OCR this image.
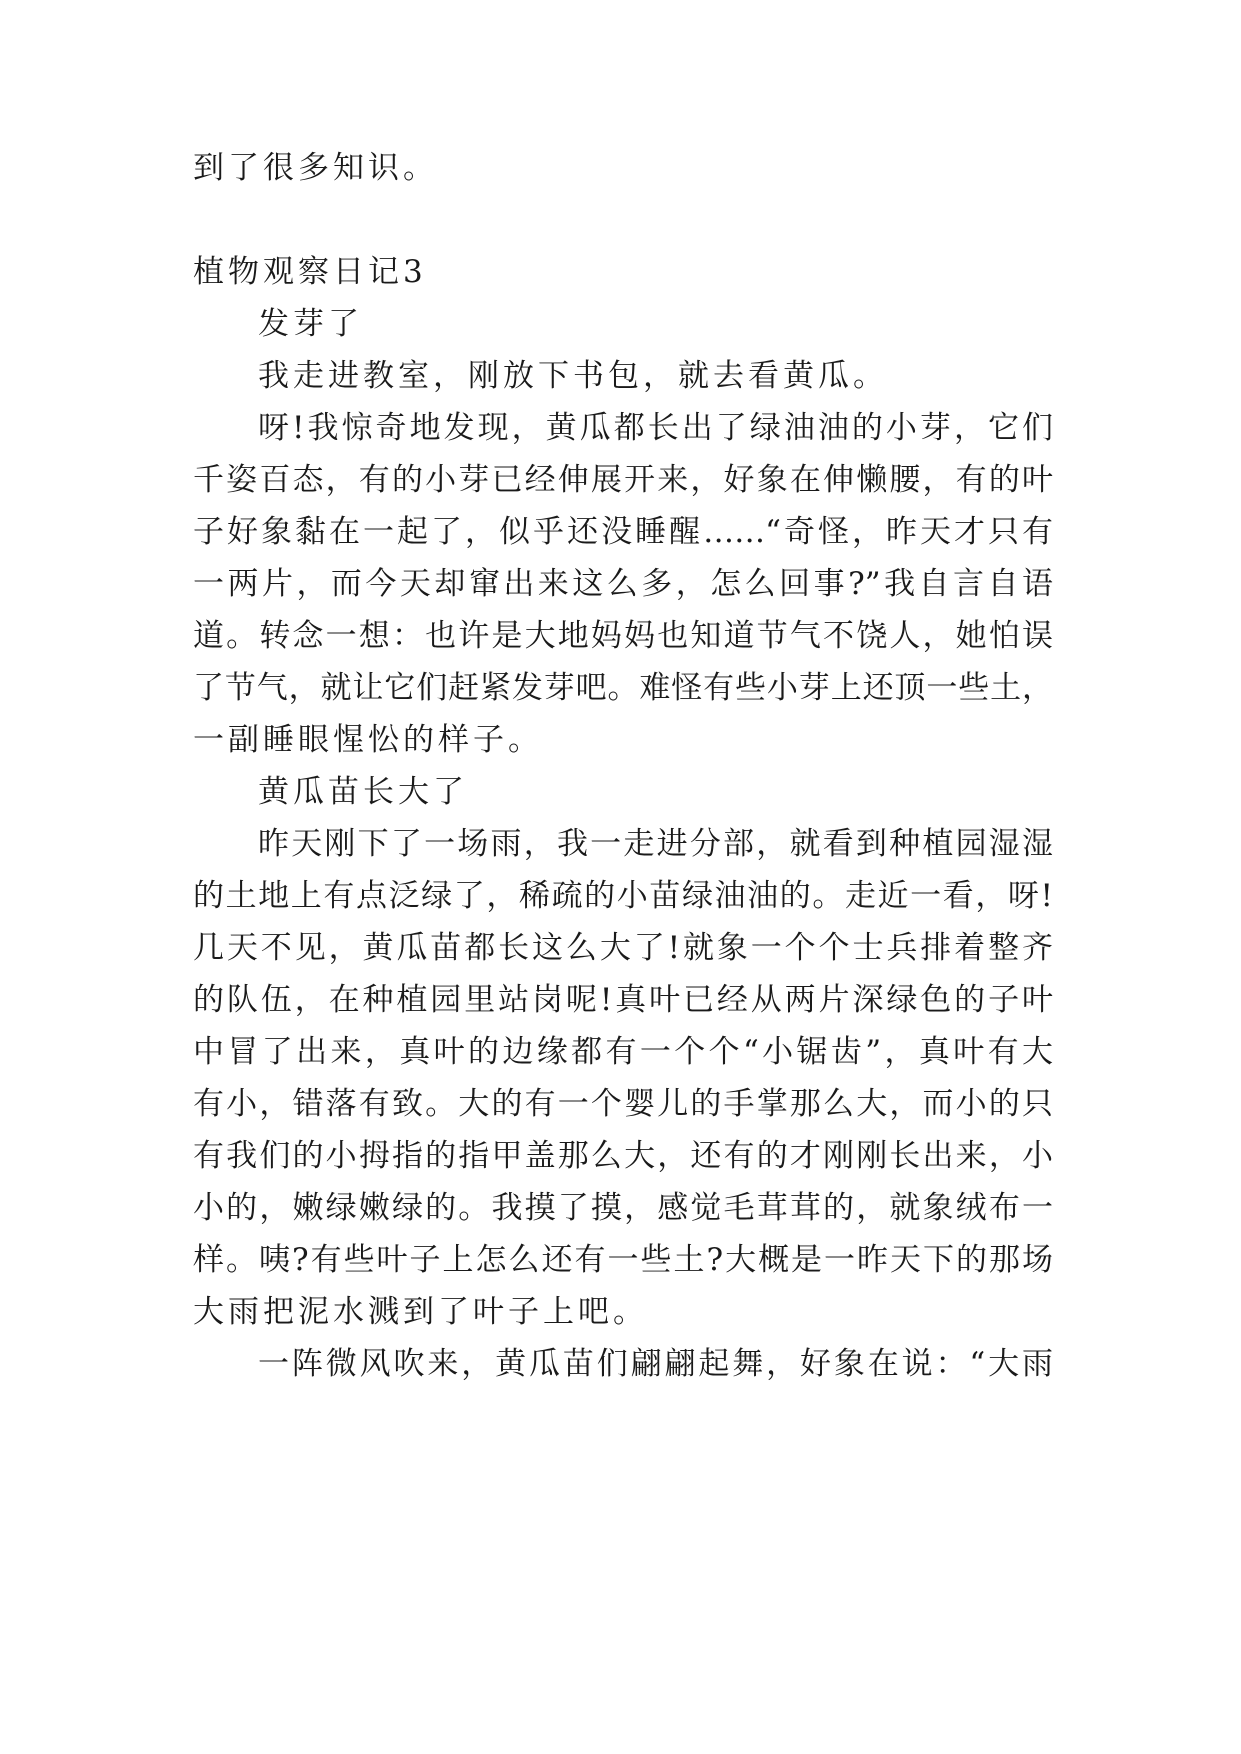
到了很多知识。
植物观察日记3
发芽了
我走进教室，刚放下书包，就去看黄瓜。
呀!我惊奇地发现，黄瓜都长出了绿油油的小芽，它们
千姿百态，有的小芽已经伸展开来，好象在伸懒腰，有的叶
子好象黏在一起了，似乎还没睡醒……“奇怪，昨天才只有
一两片，而今天却窜出来这么多，怎么回事?”我自言自语
道。转念一想：也许是大地妈妈也知道节气不饶人，她怕误
了节气，就让它们赶紧发芽吧。难怪有些小芽上还顶一些土，
一副睡眼惺忪的样子。
黄瓜苗长大了
昨天刚下了一场雨，我一走进分部，就看到种植园湿湿
的土地上有点泛绿了，稀疏的小苗绿油油的。走近一看，呀!
几天不见，黄瓜苗都长这么大了!就象一个个士兵排着整齐
的队伍，在种植园里站岗呢!真叶已经从两片深绿色的子叶
中冒了出来，真叶的边缘都有一个个“小锯齿”，真叶有大
有小，错落有致。大的有一个婴儿的手掌那么大，而小的只
有我们的小拇指的指甲盖那么大，还有的才刚刚长出来，小
小的，嫩绿嫩绿的。我摸了摸，感觉毛茸茸的，就象绒布一
样。咦?有些叶子上怎么还有一些土?大概是一昨天下的那场
大雨把泥水溅到了叶子上吧。
一阵微风吹来，黄瓜苗们翩翩起舞，好象在说：“大雨
